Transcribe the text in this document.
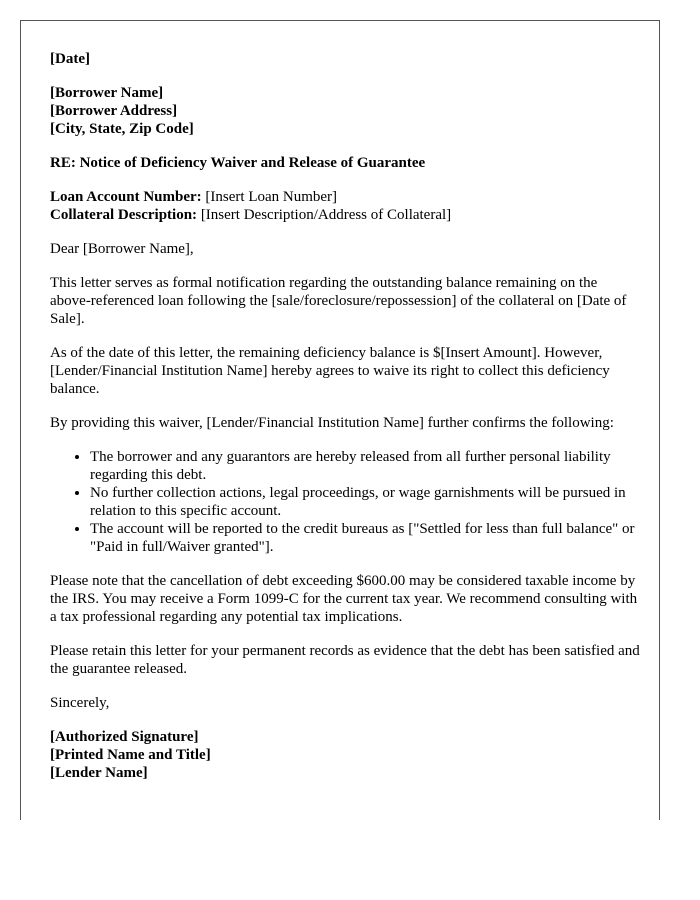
[Date]

[Borrower Name]
[Borrower Address]
[City, State, Zip Code]

RE: Notice of Deficiency Waiver and Release of Guarantee

Loan Account Number: [Insert Loan Number]
Collateral Description: [Insert Description/Address of Collateral]

Dear [Borrower Name],

This letter serves as formal notification regarding the outstanding balance remaining on the above-referenced loan following the [sale/foreclosure/repossession] of the collateral on [Date of Sale].

As of the date of this letter, the remaining deficiency balance is $[Insert Amount]. However, [Lender/Financial Institution Name] hereby agrees to waive its right to collect this deficiency balance.

By providing this waiver, [Lender/Financial Institution Name] further confirms the following:

• The borrower and any guarantors are hereby released from all further personal liability regarding this debt.
• No further collection actions, legal proceedings, or wage garnishments will be pursued in relation to this specific account.
• The account will be reported to the credit bureaus as ["Settled for less than full balance" or "Paid in full/Waiver granted"].

Please note that the cancellation of debt exceeding $600.00 may be considered taxable income by the IRS. You may receive a Form 1099-C for the current tax year. We recommend consulting with a tax professional regarding any potential tax implications.

Please retain this letter for your permanent records as evidence that the debt has been satisfied and the guarantee released.

Sincerely,

[Authorized Signature]
[Printed Name and Title]
[Lender Name]
